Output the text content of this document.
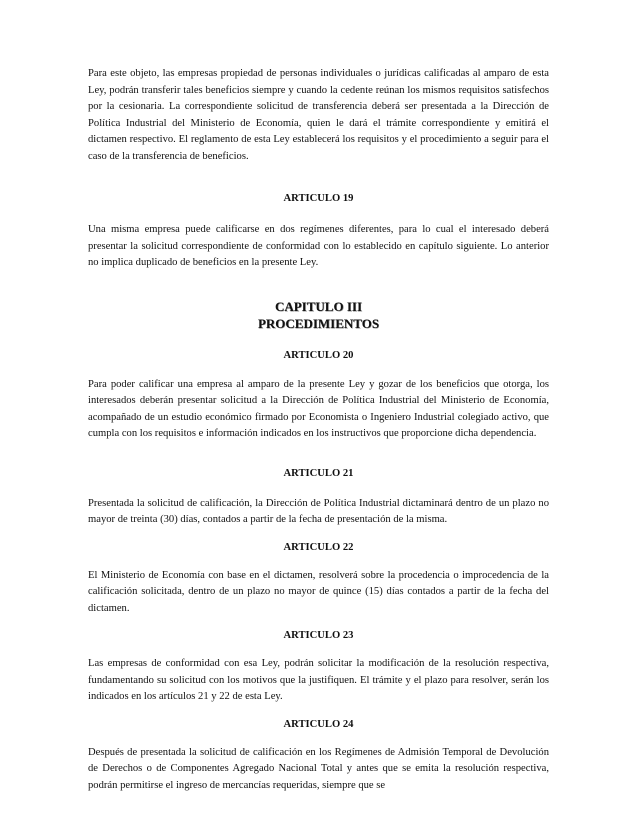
Para este objeto, las empresas propiedad de personas individuales o jurídicas calificadas al amparo de esta Ley, podrán transferir tales beneficios siempre y cuando la cedente reúnan los mismos requisitos satisfechos por la cesionaria. La correspondiente solicitud de transferencia deberá ser presentada a la Dirección de Política Industrial del Ministerio de Economía, quien le dará el trámite correspondiente y emitirá el dictamen respectivo. El reglamento de esta Ley establecerá los requisitos y el procedimiento a seguir para el caso de la transferencia de beneficios.

ARTICULO 19

Una misma empresa puede calificarse en dos regímenes diferentes, para lo cual el interesado deberá presentar la solicitud correspondiente de conformidad con lo establecido en capítulo siguiente. Lo anterior no implica duplicado de beneficios en la presente Ley.

CAPITULO III

PROCEDIMIENTOS

ARTICULO 20

Para poder calificar una empresa al amparo de la presente Ley y gozar de los beneficios que otorga, los interesados deberán presentar solicitud a la Dirección de Política Industrial del Ministerio de Economía, acompañado de un estudio económico firmado por Economista o Ingeniero Industrial colegiado activo, que cumpla con los requisitos e información indicados en los instructivos que proporcione dicha dependencia.

ARTICULO 21

Presentada la solicitud de calificación, la Dirección de Política Industrial dictaminará dentro de un plazo no mayor de treinta (30) días, contados a partir de la fecha de presentación de la misma.

ARTICULO 22

El Ministerio de Economía con base en el dictamen, resolverá sobre la procedencia o improcedencia de la calificación solicitada, dentro de un plazo no mayor de quince (15) días contados a partir de la fecha del dictamen.

ARTICULO 23

Las empresas de conformidad con esa Ley, podrán solicitar la modificación de la resolución respectiva, fundamentando su solicitud con los motivos que la justifiquen. El trámite y el plazo para resolver, serán los indicados en los artículos 21 y 22 de esta Ley.

ARTICULO 24

Después de presentada la solicitud de calificación en los Regímenes de Admisión Temporal de Devolución de Derechos o de Componentes Agregado Nacional Total y antes que se emita la resolución respectiva, podrán permitirse el ingreso de mercancías requeridas, siempre que se
